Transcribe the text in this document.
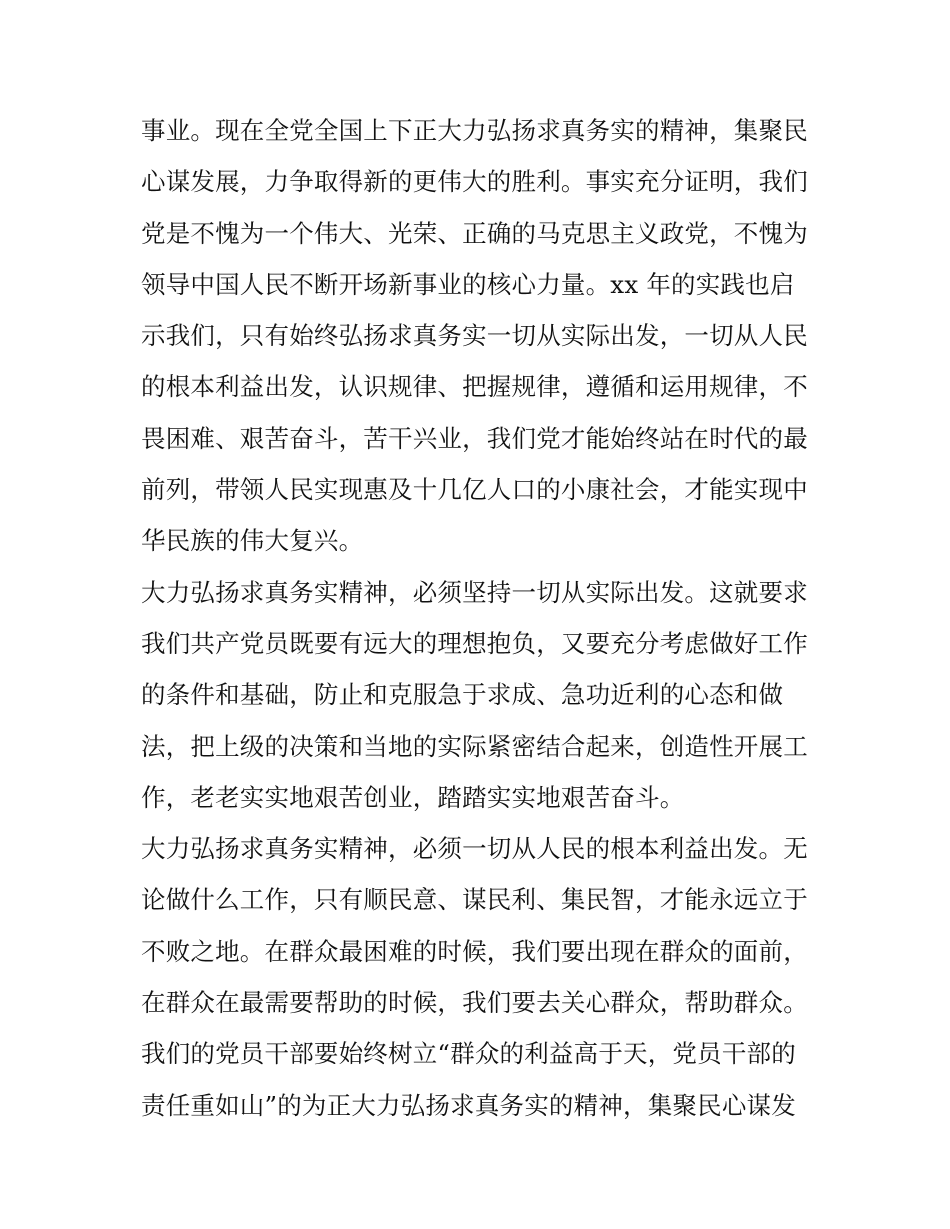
事业。现在全党全国上下正大力弘扬求真务实的精神，集聚民
心谋发展，力争取得新的更伟大的胜利。事实充分证明，我们
党是不愧为一个伟大、光荣、正确的马克思主义政党，不愧为
领导中国人民不断开场新事业的核心力量。xx 年的实践也启
示我们，只有始终弘扬求真务实一切从实际出发，一切从人民
的根本利益出发，认识规律、把握规律，遵循和运用规律，不
畏困难、艰苦奋斗，苦干兴业，我们党才能始终站在时代的最
前列，带领人民实现惠及十几亿人口的小康社会，才能实现中
华民族的伟大复兴。
大力弘扬求真务实精神，必须坚持一切从实际出发。这就要求
我们共产党员既要有远大的理想抱负，又要充分考虑做好工作
的条件和基础，防止和克服急于求成、急功近利的心态和做
法，把上级的决策和当地的实际紧密结合起来，创造性开展工
作，老老实实地艰苦创业，踏踏实实地艰苦奋斗。
大力弘扬求真务实精神，必须一切从人民的根本利益出发。无
论做什么工作，只有顺民意、谋民利、集民智，才能永远立于
不败之地。在群众最困难的时候，我们要出现在群众的面前，
在群众在最需要帮助的时候，我们要去关心群众，帮助群众。
我们的党员干部要始终树立“群众的利益高于天，党员干部的
责任重如山”的为正大力弘扬求真务实的精神，集聚民心谋发
